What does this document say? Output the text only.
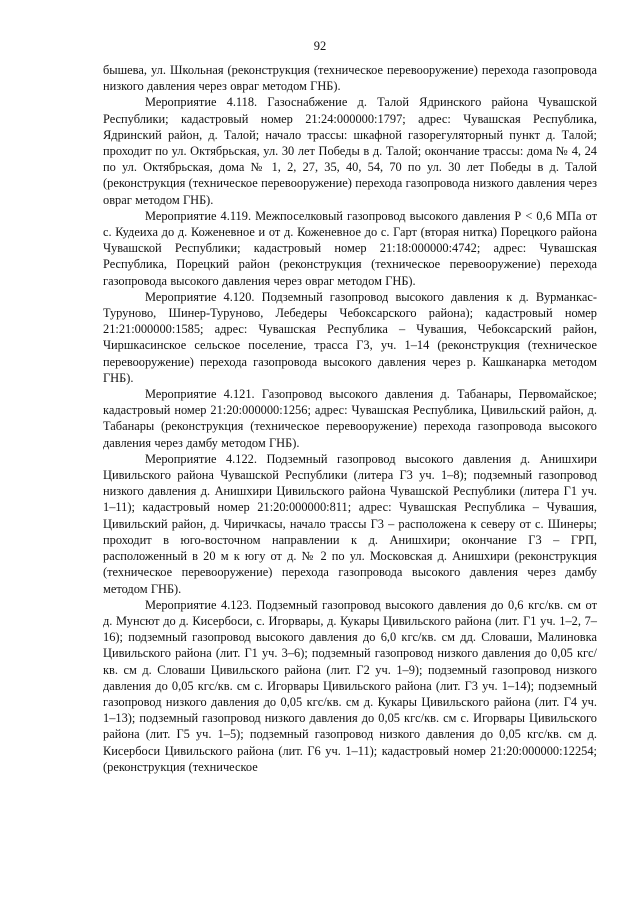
92

бышева, ул. Школьная (реконструкция (техническое перевооружение) перехода газопровода низкого давления через овраг методом ГНБ).

Мероприятие 4.118. Газоснабжение д. Талой Ядринского района Чувашской Республики; кадастровый номер 21:24:000000:1797; адрес: Чувашская Республика, Ядринский район, д. Талой; начало трассы: шкафной газорегуляторный пункт д. Талой; проходит по ул. Октябрьская, ул. 30 лет Победы в д. Талой; окончание трассы: дома № 4, 24 по ул. Октябрьская, дома № 1, 2, 27, 35, 40, 54, 70 по ул. 30 лет Победы в д. Талой (реконструкция (техническое перевооружение) перехода газопровода низкого давления через овраг методом ГНБ).

Мероприятие 4.119. Межпоселковый газопровод высокого давления Р < 0,6 МПа от с. Кудеиха до д. Коженевное и от д. Коженевное до с. Гарт (вторая нитка) Порецкого района Чувашской Республики; кадастровый номер 21:18:000000:4742; адрес: Чувашская Республика, Порецкий район (реконструкция (техническое перевооружение) перехода газопровода высокого давления через овраг методом ГНБ).

Мероприятие 4.120. Подземный газопровод высокого давления к д. Вурманкас-Туруново, Шинер-Туруново, Лебедеры Чебоксарского района); кадастровый номер 21:21:000000:1585; адрес: Чувашская Республика – Чувашия, Чебоксарский район, Чиршкасинское сельское поселение, трасса Г3, уч. 1–14 (реконструкция (техническое перевооружение) перехода газопровода высокого давления через р. Кашканарка методом ГНБ).

Мероприятие 4.121. Газопровод высокого давления д. Табанары, Первомайское; кадастровый номер 21:20:000000:1256; адрес: Чувашская Республика, Цивильский район, д. Табанары (реконструкция (техническое перевооружение) перехода газопровода высокого давления через дамбу методом ГНБ).

Мероприятие 4.122. Подземный газопровод высокого давления д. Анишхири Цивильского района Чувашской Республики (литера Г3 уч. 1–8); подземный газопровод низкого давления д. Анишхири Цивильского района Чувашской Республики (литера Г1 уч. 1–11); кадастровый номер 21:20:000000:811; адрес: Чувашская Республика – Чувашия, Цивильский район, д. Чиричкасы, начало трассы Г3 – расположена к северу от с. Шинеры; проходит в юго-восточном направлении к д. Анишхири; окончание Г3 – ГРП, расположенный в 20 м к югу от д. № 2 по ул. Московская д. Анишхири (реконструкция (техническое перевооружение) перехода газопровода высокого давления через дамбу методом ГНБ).

Мероприятие 4.123. Подземный газопровод высокого давления до 0,6 кгс/кв. см от д. Мунсют до д. Кисербоси, с. Игорвары, д. Кукары Цивильского района (лит. Г1 уч. 1–2, 7–16); подземный газопровод высокого давления до 6,0 кгс/кв. см дд. Словаши, Малиновка Цивильского района (лит. Г1 уч. 3–6); подземный газопровод низкого давления до 0,05 кгс/кв. см д. Словаши Цивильского района (лит. Г2 уч. 1–9); подземный газопровод низкого давления до 0,05 кгс/кв. см с. Игорвары Цивильского района (лит. Г3 уч. 1–14); подземный газопровод низкого давления до 0,05 кгс/кв. см д. Кукары Цивильского района (лит. Г4 уч. 1–13); подземный газопровод низкого давления до 0,05 кгс/кв. см с. Игорвары Цивильского района (лит. Г5 уч. 1–5); подземный газопровод низкого давления до 0,05 кгс/кв. см д. Кисербоси Цивильского района (лит. Г6 уч. 1–11); кадастровый номер 21:20:000000:12254; (реконструкция (техническое
